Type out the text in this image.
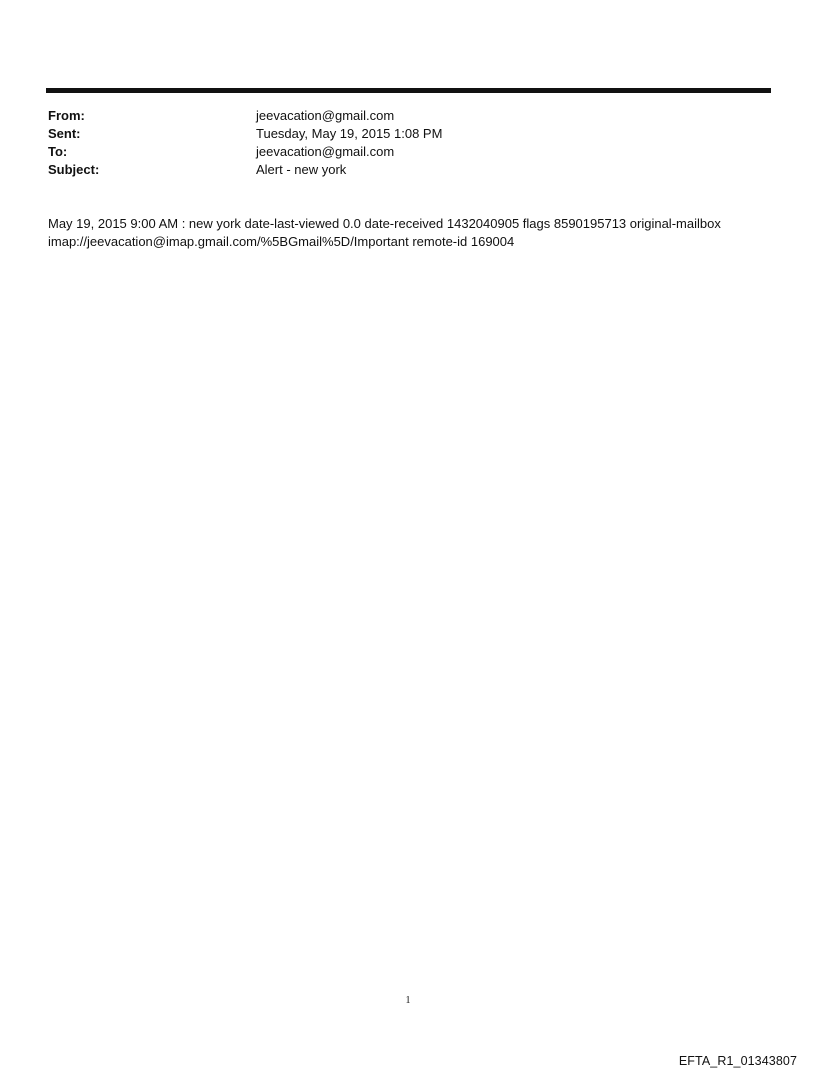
From:	jeevacation@gmail.com
Sent:	Tuesday, May 19, 2015 1:08 PM
To:	jeevacation@gmail.com
Subject:	Alert - new york
May 19, 2015 9:00 AM : new york date-last-viewed 0.0 date-received 1432040905 flags 8590195713 original-mailbox
imap://jeevacation@imap.gmail.com/%5BGmail%5D/Important remote-id 169004
1
EFTA_R1_01343807
